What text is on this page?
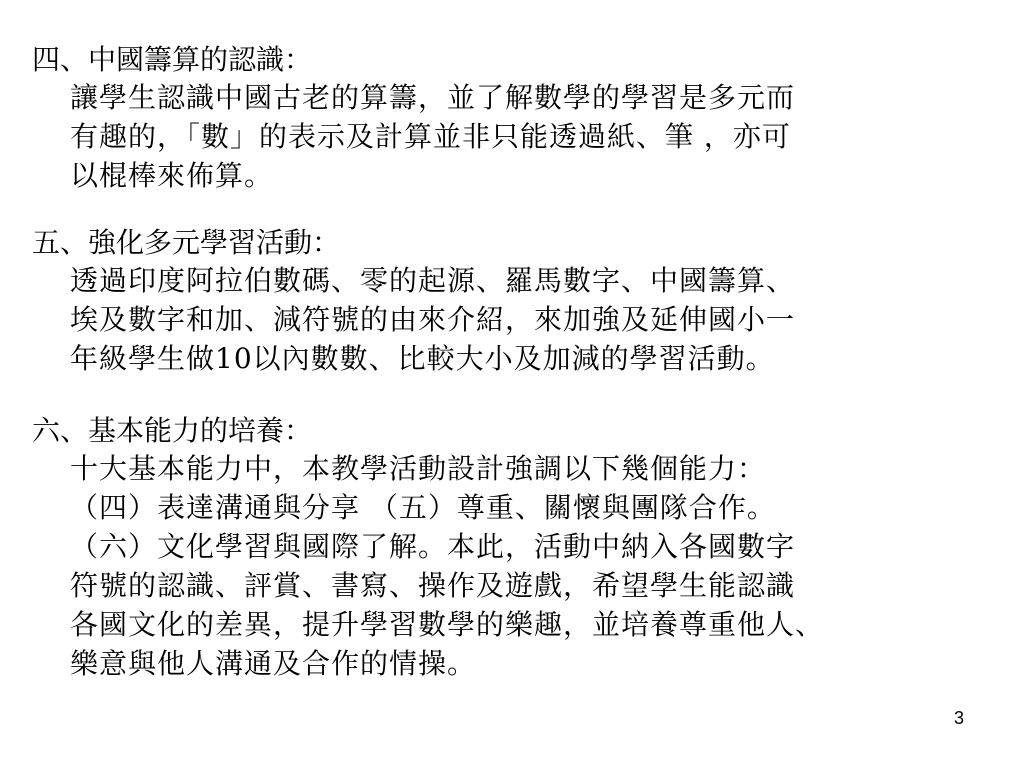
四、中國籌算的認識：
讓學生認識中國古老的算籌，並了解數學的學習是多元而
有趣的，「數」的表示及計算並非只能透過紙、筆 ，亦可
以棍棒來佈算。
五、強化多元學習活動：
透過印度阿拉伯數碼、零的起源、羅馬數字、中國籌算、
埃及數字和加、減符號的由來介紹，來加強及延伸國小一
年級學生做10以內數數、比較大小及加減的學習活動。
六、基本能力的培養：
十大基本能力中，本教學活動設計強調以下幾個能力：
（四）表達溝通與分享 （五）尊重、關懷與團隊合作。
（六）文化學習與國際了解。本此，活動中納入各國數字
符號的認識、評賞、書寫、操作及遊戲，希望學生能認識
各國文化的差異，提升學習數學的樂趣，並培養尊重他人、
樂意與他人溝通及合作的情操。
3
